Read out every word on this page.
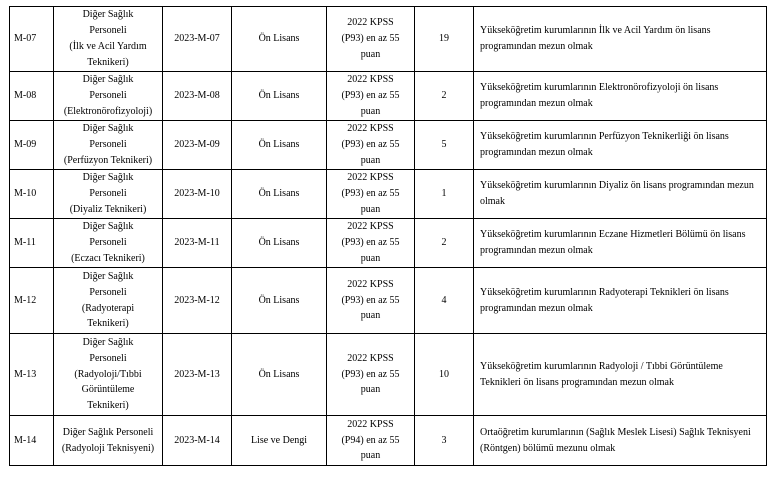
M-07	Diğer Sağlık
Personeli
(İlk ve Acil Yardım
Teknikeri)	2023-M-07	Ön Lisans	2022 KPSS
(P93) en az 55
puan	19	Yükseköğretim kurumlarının İlk ve Acil Yardım ön lisans
programından mezun olmak
M-08	Diğer Sağlık
Personeli
(Elektronörofizyoloji)	2023-M-08	Ön Lisans	2022 KPSS
(P93) en az 55
puan	2	Yükseköğretim kurumlarının Elektronörofizyoloji ön lisans
programından mezun olmak
M-09	Diğer Sağlık
Personeli
(Perfüzyon Teknikeri)	2023-M-09	Ön Lisans	2022 KPSS
(P93) en az 55
puan	5	Yükseköğretim kurumlarının Perfüzyon Teknikerliği ön lisans
programından mezun olmak
M-10	Diğer Sağlık
Personeli
(Diyaliz Teknikeri)	2023-M-10	Ön Lisans	2022 KPSS
(P93) en az 55
puan	1	Yükseköğretim kurumlarının Diyaliz ön lisans programından mezun
olmak
M-11	Diğer Sağlık
Personeli
(Eczacı Teknikeri)	2023-M-11	Ön Lisans	2022 KPSS
(P93) en az 55
puan	2	Yükseköğretim kurumlarının Eczane Hizmetleri Bölümü ön lisans
programından mezun olmak
M-12	Diğer Sağlık
Personeli
(Radyoterapi
Teknikeri)	2023-M-12	Ön Lisans	2022 KPSS
(P93) en az 55
puan	4	Yükseköğretim kurumlarının Radyoterapi Teknikleri ön lisans
programından mezun olmak
M-13	Diğer Sağlık
Personeli
(Radyoloji/Tıbbi
Görüntüleme
Teknikeri)	2023-M-13	Ön Lisans	2022 KPSS
(P93) en az 55
puan	10	Yükseköğretim kurumlarının Radyoloji / Tıbbi Görüntüleme
Teknikleri ön lisans programından mezun olmak
M-14	Diğer Sağlık Personeli
(Radyoloji Teknisyeni)	2023-M-14	Lise ve Dengi	2022 KPSS
(P94) en az 55
puan	3	Ortaöğretim kurumlarının (Sağlık Meslek Lisesi) Sağlık Teknisyeni
(Röntgen) bölümü mezunu olmak
